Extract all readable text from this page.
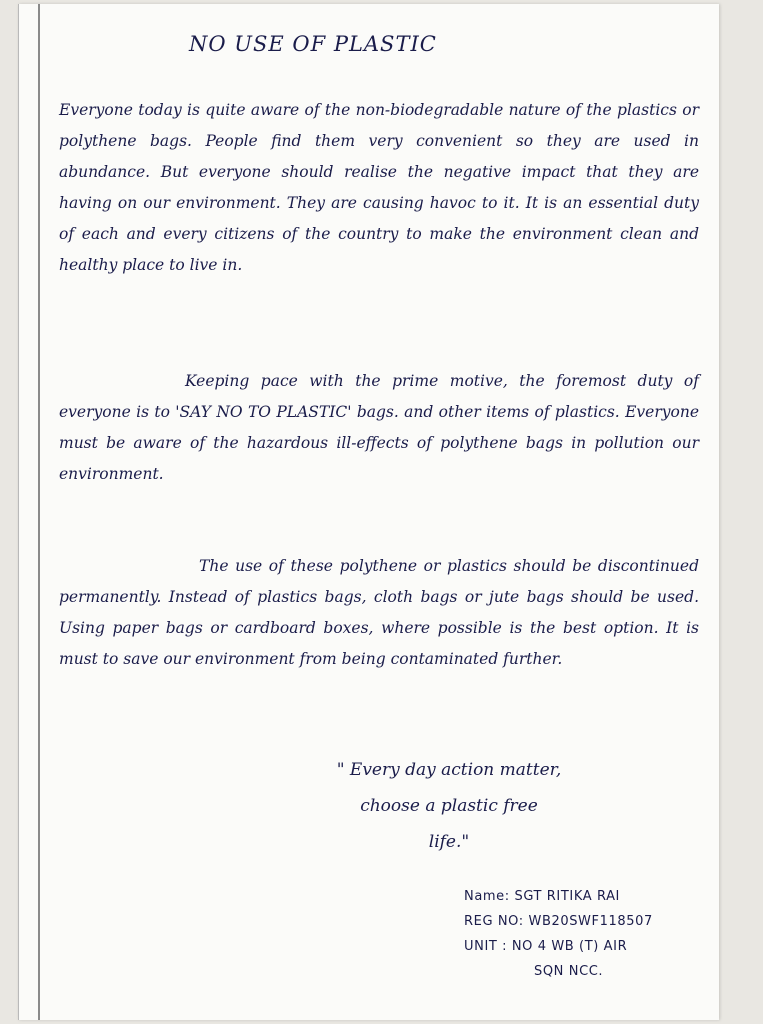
NO USE OF PLASTIC

Everyone today is quite aware of the non-biodegradable nature of the plastics or polythene bags. People find them very convenient so they are used in abundance. But everyone should realise the negative impact that they are having on our environment. They are causing havoc to it. It is an essential duty of each and every citizens of the country to make the environment clean and healthy place to live in.

Keeping pace with the prime motive, the foremost duty of everyone is to 'SAY NO TO PLASTIC' bags. and other items of plastics. Everyone must be aware of the hazardous ill-effects of polythene bags in pollution our environment.

The use of these polythene or plastics should be discontinued permanently. Instead of plastics bags, cloth bags or jute bags should be used. Using paper bags or cardboard boxes, where possible is the best option. It is must to save our environment from being contaminated further.

" Every day action matter,
choose a plastic free
life."
Name: SGT RITIKA RAI
REG NO: WB20SWF118507
UNIT : NO 4 WB (T) AIR
SQN NCC.
